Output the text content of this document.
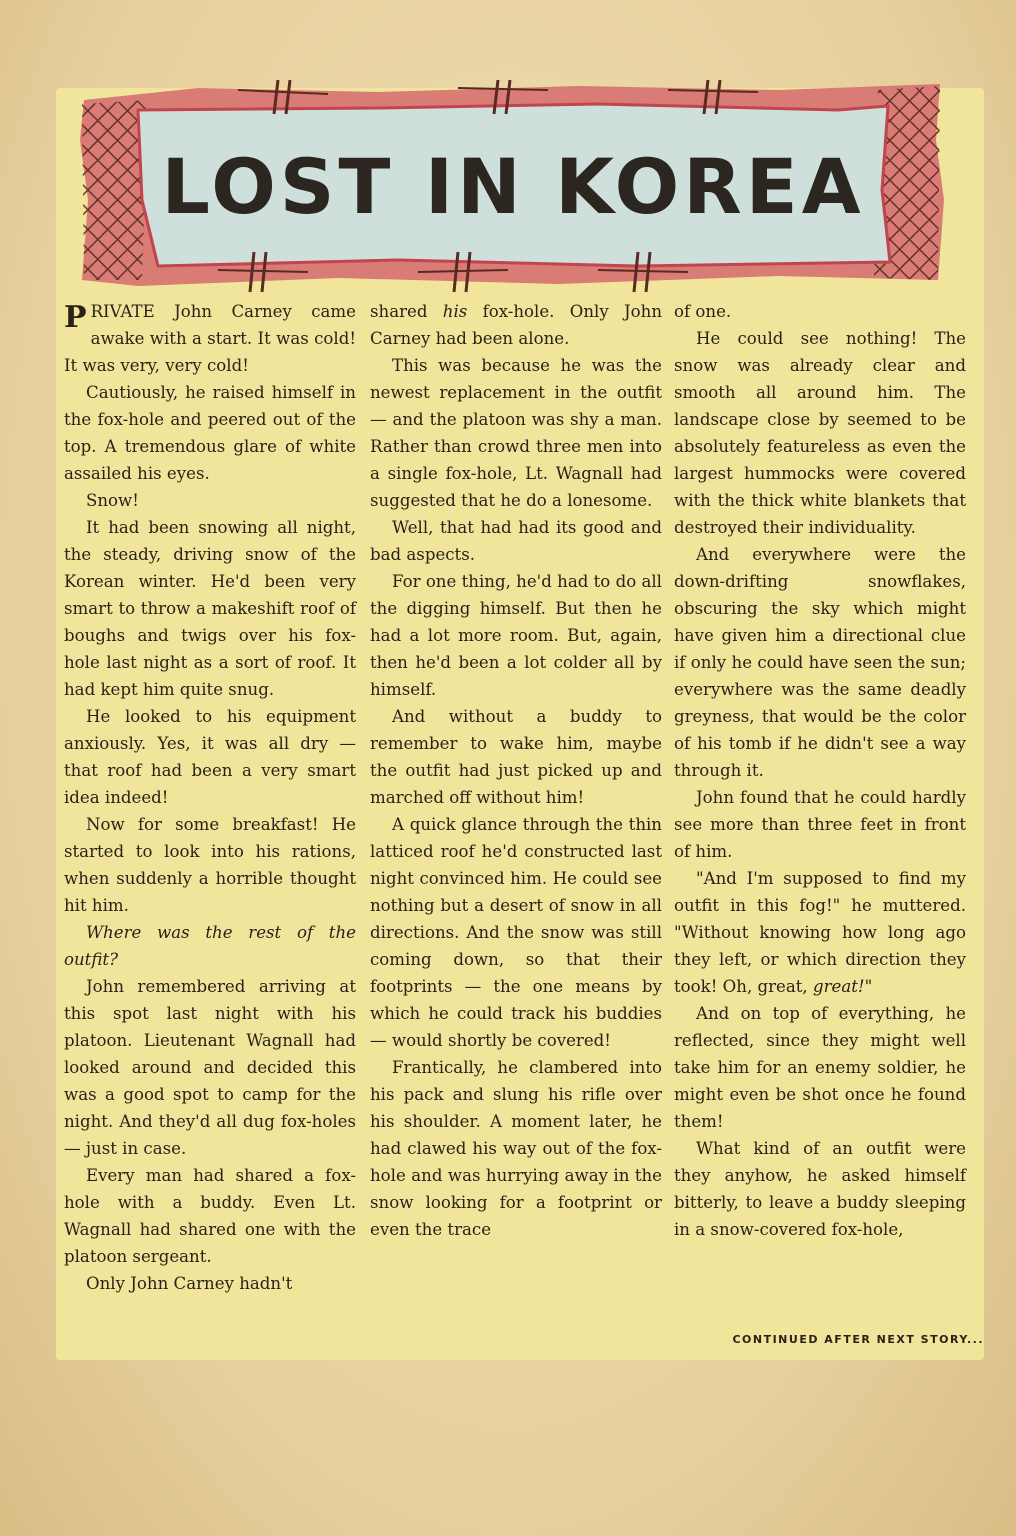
LOST IN KOREA

PRIVATE John Carney came awake with a start. It was cold! It was very, very cold!

Cautiously, he raised himself in the fox-hole and peered out of the top. A tremendous glare of white assailed his eyes.

Snow!

It had been snowing all night, the steady, driving snow of the Korean winter. He'd been very smart to throw a makeshift roof of boughs and twigs over his fox-hole last night as a sort of roof. It had kept him quite snug.

He looked to his equipment anxiously. Yes, it was all dry — that roof had been a very smart idea indeed!

Now for some breakfast! He started to look into his rations, when suddenly a horrible thought hit him.

Where was the rest of the outfit?

John remembered arriving at this spot last night with his platoon. Lieutenant Wagnall had looked around and decided this was a good spot to camp for the night. And they'd all dug fox-holes — just in case.

Every man had shared a fox-hole with a buddy. Even Lt. Wagnall had shared one with the platoon sergeant.

Only John Carney hadn't

shared his fox-hole. Only John Carney had been alone.

This was because he was the newest replacement in the outfit — and the platoon was shy a man. Rather than crowd three men into a single fox-hole, Lt. Wagnall had suggested that he do a lonesome.

Well, that had had its good and bad aspects.

For one thing, he'd had to do all the digging himself. But then he had a lot more room. But, again, then he'd been a lot colder all by himself.

And without a buddy to remember to wake him, maybe the outfit had just picked up and marched off without him!

A quick glance through the thin latticed roof he'd constructed last night convinced him. He could see nothing but a desert of snow in all directions. And the snow was still coming down, so that their footprints — the one means by which he could track his buddies — would shortly be covered!

Frantically, he clambered into his pack and slung his rifle over his shoulder. A moment later, he had clawed his way out of the fox-hole and was hurrying away in the snow looking for a footprint or even the trace

of one.

He could see nothing! The snow was already clear and smooth all around him. The landscape close by seemed to be absolutely featureless as even the largest hummocks were covered with the thick white blankets that destroyed their individuality.

And everywhere were the down-drifting snowflakes, obscuring the sky which might have given him a directional clue if only he could have seen the sun; everywhere was the same deadly greyness, that would be the color of his tomb if he didn't see a way through it.

John found that he could hardly see more than three feet in front of him.

"And I'm supposed to find my outfit in this fog!" he muttered. "Without knowing how long ago they left, or which direction they took! Oh, great, great!"

And on top of everything, he reflected, since they might well take him for an enemy soldier, he might even be shot once he found them!

What kind of an outfit were they anyhow, he asked himself bitterly, to leave a buddy sleeping in a snow-covered fox-hole,

CONTINUED AFTER NEXT STORY...
